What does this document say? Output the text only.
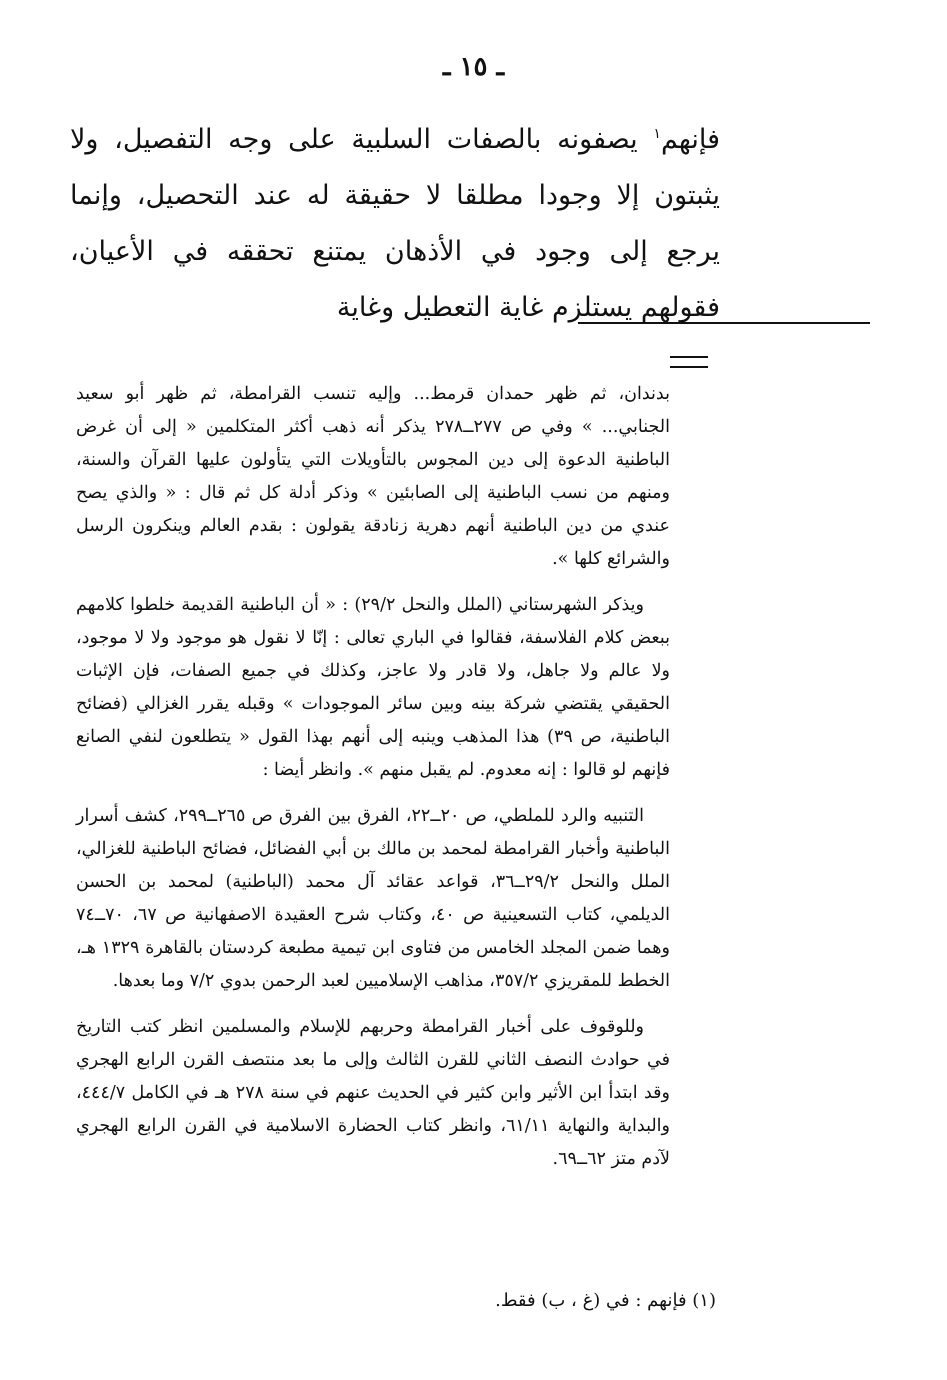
ـ ١٥ ـ
فإنهم$^١$ يصفونه بالصفات السلبية على وجه التفصيل، ولا يثبتون إلا وجودا مطلقا لا حقيقة له عند التحصيل، وإنما يرجع إلى وجود في الأذهان يمتنع تحققه في الأعيان، فقولهم يستلزم غاية التعطيل وغاية

بدندان، ثم ظهر حمدان قرمط... وإليه تنسب القرامطة، ثم ظهر أبو سعيد الجنابي... » وفي ص ٢٧٧ــ٢٧٨ يذكر أنه ذهب أكثر المتكلمين « إلى أن غرض الباطنية الدعوة إلى دين المجوس بالتأويلات التي يتأولون عليها القرآن والسنة، ومنهم من نسب الباطنية إلى الصابئين » وذكر أدلة كل ثم قال : « والذي يصح عندي من دين الباطنية أنهم دهرية زنادقة يقولون : بقدم العالم وينكرون الرسل والشرائع كلها ».

ويذكر الشهرستاني (الملل والنحل ٢٩/٢) : « أن الباطنية القديمة خلطوا كلامهم ببعض كلام الفلاسفة، فقالوا في الباري تعالى : إنّا لا نقول هو موجود ولا لا موجود، ولا عالم ولا جاهل، ولا قادر ولا عاجز، وكذلك في جميع الصفات، فإن الإثبات الحقيقي يقتضي شركة بينه وبين سائر الموجودات » وقبله يقرر الغزالي (فضائح الباطنية، ص ٣٩) هذا المذهب وينبه إلى أنهم بهذا القول « يتطلعون لنفي الصانع فإنهم لو قالوا : إنه معدوم. لم يقبل منهم ». وانظر أيضا :

التنبيه والرد للملطي، ص ٢٠ــ٢٢، الفرق بين الفرق ص ٢٦٥ــ٢٩٩، كشف أسرار الباطنية وأخبار القرامطة لمحمد بن مالك بن أبي الفضائل، فضائح الباطنية للغزالي، الملل والنحل ٢٩/٢ــ٣٦، قواعد عقائد آل محمد (الباطنية) لمحمد بن الحسن الديلمي، كتاب التسعينية ص ٤٠، وكتاب شرح العقيدة الاصفهانية ص ٦٧، ٧٠ــ٧٤ وهما ضمن المجلد الخامس من فتاوى ابن تيمية مطبعة كردستان بالقاهرة ١٣٢٩ هـ، الخطط للمقريزي ٣٥٧/٢، مذاهب الإسلاميين لعبد الرحمن بدوي ٧/٢ وما بعدها.

وللوقوف على أخبار القرامطة وحربهم للإسلام والمسلمين انظر كتب التاريخ في حوادث النصف الثاني للقرن الثالث وإلى ما بعد منتصف القرن الرابع الهجري وقد ابتدأ ابن الأثير وابن كثير في الحديث عنهم في سنة ٢٧٨ هـ في الكامل ٤٤٤/٧، والبداية والنهاية ٦١/١١، وانظر كتاب الحضارة الاسلامية في القرن الرابع الهجري لآدم متز ٦٢ــ٦٩.

(١) فإنهم : في (غ ، ب) فقط.
